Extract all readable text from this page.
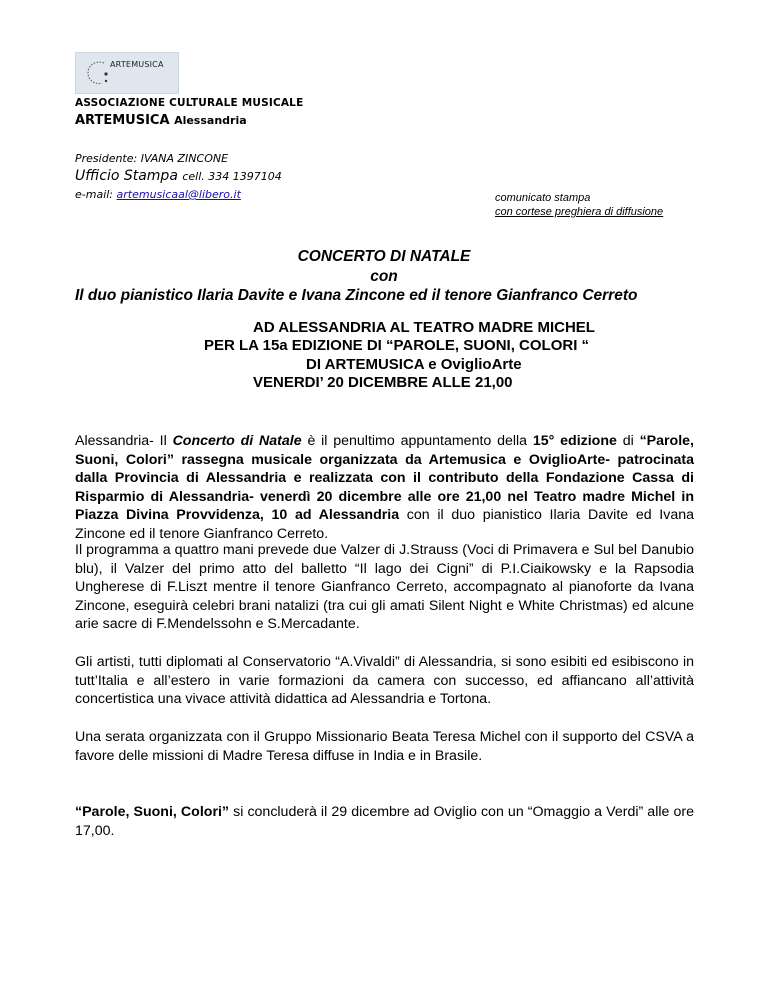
ARTEMUSICA
ASSOCIAZIONE CULTURALE MUSICALE
ARTEMUSICA Alessandria
Presidente: IVANA ZINCONE
Ufficio Stampa cell. 334 1397104
e-mail: artemusicaal@libero.it	comunicato stampa
con cortese preghiera di diffusione
CONCERTO DI NATALE
con
Il duo pianistico Ilaria Davite e Ivana Zincone ed il tenore Gianfranco Cerreto
AD ALESSANDRIA AL TEATRO MADRE MICHEL
PER LA 15a EDIZIONE DI “PAROLE, SUONI, COLORI “
DI ARTEMUSICA e OviglioArte
VENERDI’ 20 DICEMBRE ALLE 21,00
Alessandria- Il Concerto di Natale è il penultimo appuntamento della 15° edizione di “Parole, Suoni, Colori” rassegna musicale organizzata da Artemusica e OviglioArte- patrocinata dalla Provincia di Alessandria e realizzata con il contributo della Fondazione Cassa di Risparmio di Alessandria- venerdì 20 dicembre alle ore 21,00 nel Teatro madre Michel in Piazza Divina Provvidenza, 10 ad Alessandria con il duo pianistico Ilaria Davite ed Ivana Zincone ed il tenore Gianfranco Cerreto.
Il programma a quattro mani prevede due Valzer di J.Strauss (Voci di Primavera e Sul bel Danubio blu), il Valzer del primo atto del balletto “Il lago dei Cigni” di P.I.Ciaikowsky e la Rapsodia Ungherese di F.Liszt mentre il tenore Gianfranco Cerreto, accompagnato al pianoforte da Ivana Zincone, eseguirà celebri brani natalizi (tra cui gli amati Silent Night e White Christmas) ed alcune arie sacre di F.Mendelssohn e S.Mercadante.
Gli artisti, tutti diplomati al Conservatorio “A.Vivaldi” di Alessandria, si sono esibiti ed esibiscono in tutt’Italia e all’estero in varie formazioni da camera con successo, ed affiancano all’attività concertistica una vivace attività didattica ad Alessandria e Tortona.
Una serata organizzata con il Gruppo Missionario Beata Teresa Michel con il supporto del CSVA a favore delle missioni di Madre Teresa diffuse in India e in Brasile.
“Parole, Suoni, Colori” si concluderà il 29 dicembre ad Oviglio con un “Omaggio a Verdi” alle ore 17,00.
